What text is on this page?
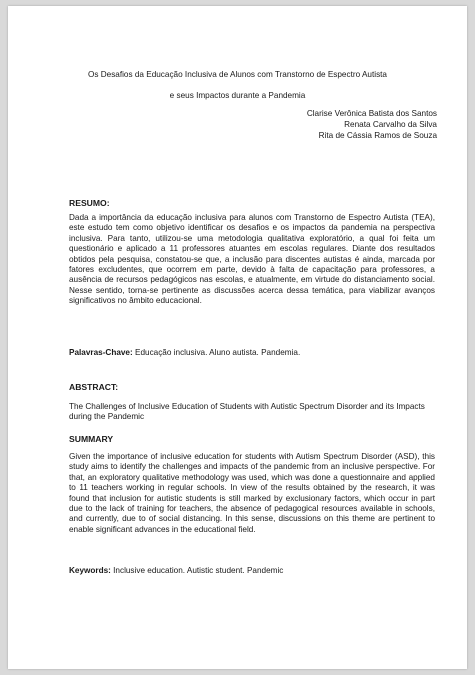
Os Desafios da Educação Inclusiva de Alunos com Transtorno de Espectro Autista
e seus Impactos durante a Pandemia
Clarise Verônica Batista dos Santos
Renata Carvalho da Silva
Rita de Cássia Ramos de Souza
RESUMO:

Dada a importância da educação inclusiva para alunos com Transtorno de Espectro Autista (TEA), este estudo tem como objetivo identificar os desafios e os impactos da pandemia na perspectiva inclusiva. Para tanto, utilizou-se uma metodologia qualitativa exploratório, a qual foi feita um questionário e aplicado a 11 professores atuantes em escolas regulares. Diante dos resultados obtidos pela pesquisa, constatou-se que, a inclusão para discentes autistas é ainda, marcada por fatores excludentes, que ocorrem em parte, devido à falta de capacitação para professores, a ausência de recursos pedagógicos nas escolas, e atualmente, em virtude do distanciamento social. Nesse sentido, torna-se pertinente as discussões acerca dessa temática, para viabilizar avanços significativos no âmbito educacional.

Palavras-Chave: Educação inclusiva. Aluno autista. Pandemia.

ABSTRACT:

The Challenges of Inclusive Education of Students with Autistic Spectrum Disorder and its Impacts during the Pandemic

SUMMARY

Given the importance of inclusive education for students with Autism Spectrum Disorder (ASD), this study aims to identify the challenges and impacts of the pandemic from an inclusive perspective. For that, an exploratory qualitative methodology was used, which was done a questionnaire and applied to 11 teachers working in regular schools. In view of the results obtained by the research, it was found that inclusion for autistic students is still marked by exclusionary factors, which occur in part due to the lack of training for teachers, the absence of pedagogical resources available in schools, and currently, due to of social distancing. In this sense, discussions on this theme are pertinent to enable significant advances in the educational field.

Keywords: Inclusive education. Autistic student. Pandemic
